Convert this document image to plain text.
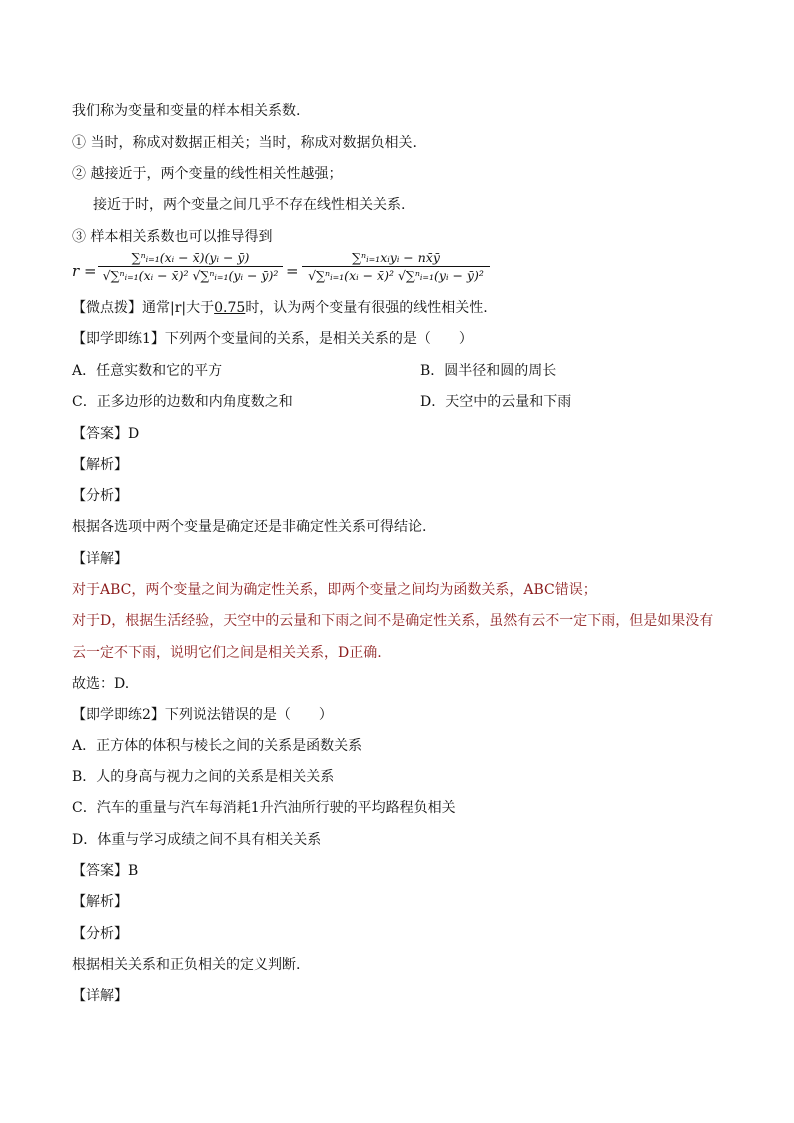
我们称为变量和变量的样本相关系数.
① 当时，称成对数据正相关；当时，称成对数据负相关.
② 越接近于，两个变量的线性相关性越强；
接近于时，两个变量之间几乎不存在线性相关关系.
③ 样本相关系数也可以推导得到
$r = \frac{\text{∑ⁿᵢ₌₁(xᵢ − x̄)(yᵢ − ȳ)}}{\text{√∑ⁿᵢ₌₁(xᵢ − x̄)² √∑ⁿᵢ₌₁(yᵢ − ȳ)²}}$ =
∑ⁿᵢ₌₁xᵢyᵢ − nx̄ȳ
√∑ⁿᵢ₌₁(xᵢ − x̄)² √∑ⁿᵢ₌₁(yᵢ − ȳ)²
【微点拨】通常|r|大于0.75时，认为两个变量有很强的线性相关性.
【即学即练1】下列两个变量间的关系，是相关关系的是（　　）
A．任意实数和它的平方	B．圆半径和圆的周长
C．正多边形的边数和内角度数之和	D．天空中的云量和下雨
【答案】D
【解析】
【分析】
根据各选项中两个变量是确定还是非确定性关系可得结论.
【详解】
对于ABC，两个变量之间为确定性关系，即两个变量之间均为函数关系，ABC错误；
对于D，根据生活经验，天空中的云量和下雨之间不是确定性关系，虽然有云不一定下雨，但是如果没有
云一定不下雨，说明它们之间是相关关系，D正确.
故选：D.
【即学即练2】下列说法错误的是（　　）
A．正方体的体积与棱长之间的关系是函数关系
B．人的身高与视力之间的关系是相关关系
C．汽车的重量与汽车每消耗1升汽油所行驶的平均路程负相关
D．体重与学习成绩之间不具有相关关系
【答案】B
【解析】
【分析】
根据相关关系和正负相关的定义判断.
【详解】
